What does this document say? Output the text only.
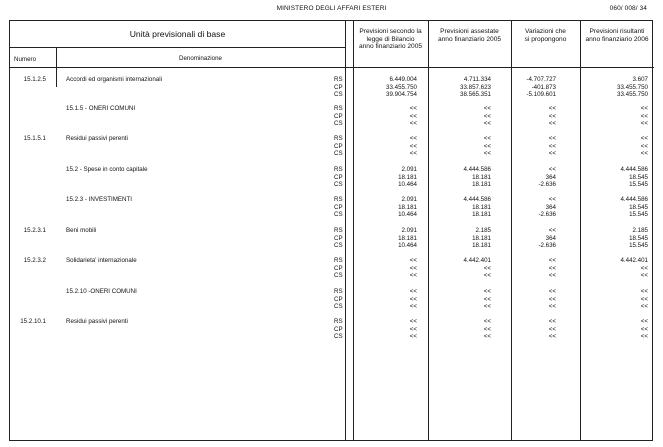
MINISTERO DEGLI AFFARI ESTERI	060/ 008/ 34
Unità previsionali di base
Numero	Denominazione
Previsioni secondo la
legge di Bilancio
anno finanziario 2005
Previsioni assestate
anno finanziario 2005
Variazioni che
si propongono
Previsioni risultanti
anno finanziario 2006
15.1.2.5	Accordi ed organismi internazionali	RS	6.449.004	4.711.334	-4.707.727	3.607
CP	33.455.750	33.857.623	-401.873	33.455.750
CS	39.904.754	38.565.351	-5.109.601	33.455.750
15.1.5 - ONERI COMUNI	RS	<<	<<	<<	<<
CP	<<	<<	<<	<<
CS	<<	<<	<<	<<
15.1.5.1	Residui passivi perenti	RS	<<	<<	<<	<<
CP	<<	<<	<<	<<
CS	<<	<<	<<	<<
15.2 - Spese in conto capitale	RS	2.091	4.444.586	<<	4.444.586
CP	18.181	18.181	364	18.545
CS	10.464	18.181	-2.636	15.545
15.2.3 - INVESTIMENTI	RS	2.091	4.444.586	<<	4.444.586
CP	18.181	18.181	364	18.545
CS	10.464	18.181	-2.636	15.545
15.2.3.1	Beni mobili	RS	2.091	2.185	<<	2.185
CP	18.181	18.181	364	18.545
CS	10.464	18.181	-2.636	15.545
15.2.3.2	Solidarieta' internazionale	RS	<<	4.442.401	<<	4.442.401
CP	<<	<<	<<	<<
CS	<<	<<	<<	<<
15.2.10 -ONERI COMUNI	RS	<<	<<	<<	<<
CP	<<	<<	<<	<<
CS	<<	<<	<<	<<
15.2.10.1	Residui passivi perenti	RS	<<	<<	<<	<<
CP	<<	<<	<<	<<
CS	<<	<<	<<	<<
